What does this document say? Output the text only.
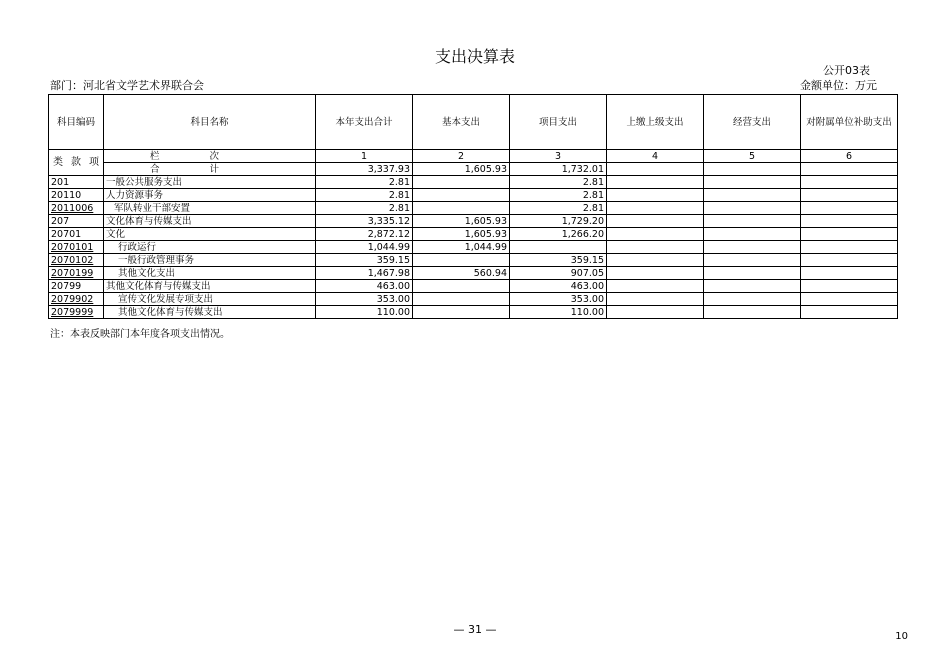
支出决算表
公开03表
部门：河北省文学艺术界联合会	金额单位：万元
科目编码	科目名称	本年支出合计	基本支出	项目支出	上缴上级支出	经营支出	对附属单位补助支出

类 款 项	栏次	1	2	3	4	5	6
	合计	3,337.93	1,605.93	1,732.01			
201	一般公共服务支出	2.81		2.81			
20110	人力资源事务	2.81		2.81			
2011006	军队转业干部安置	2.81		2.81			
207	文化体育与传媒支出	3,335.12	1,605.93	1,729.20			
20701	文化	2,872.12	1,605.93	1,266.20			
2070101	行政运行	1,044.99	1,044.99				
2070102	一般行政管理事务	359.15		359.15			
2070199	其他文化支出	1,467.98	560.94	907.05			
20799	其他文化体育与传媒支出	463.00		463.00			
2079902	宣传文化发展专项支出	353.00		353.00			
2079999	其他文化体育与传媒支出	110.00		110.00			
注：本表反映部门本年度各项支出情况。
— 31 —
10
